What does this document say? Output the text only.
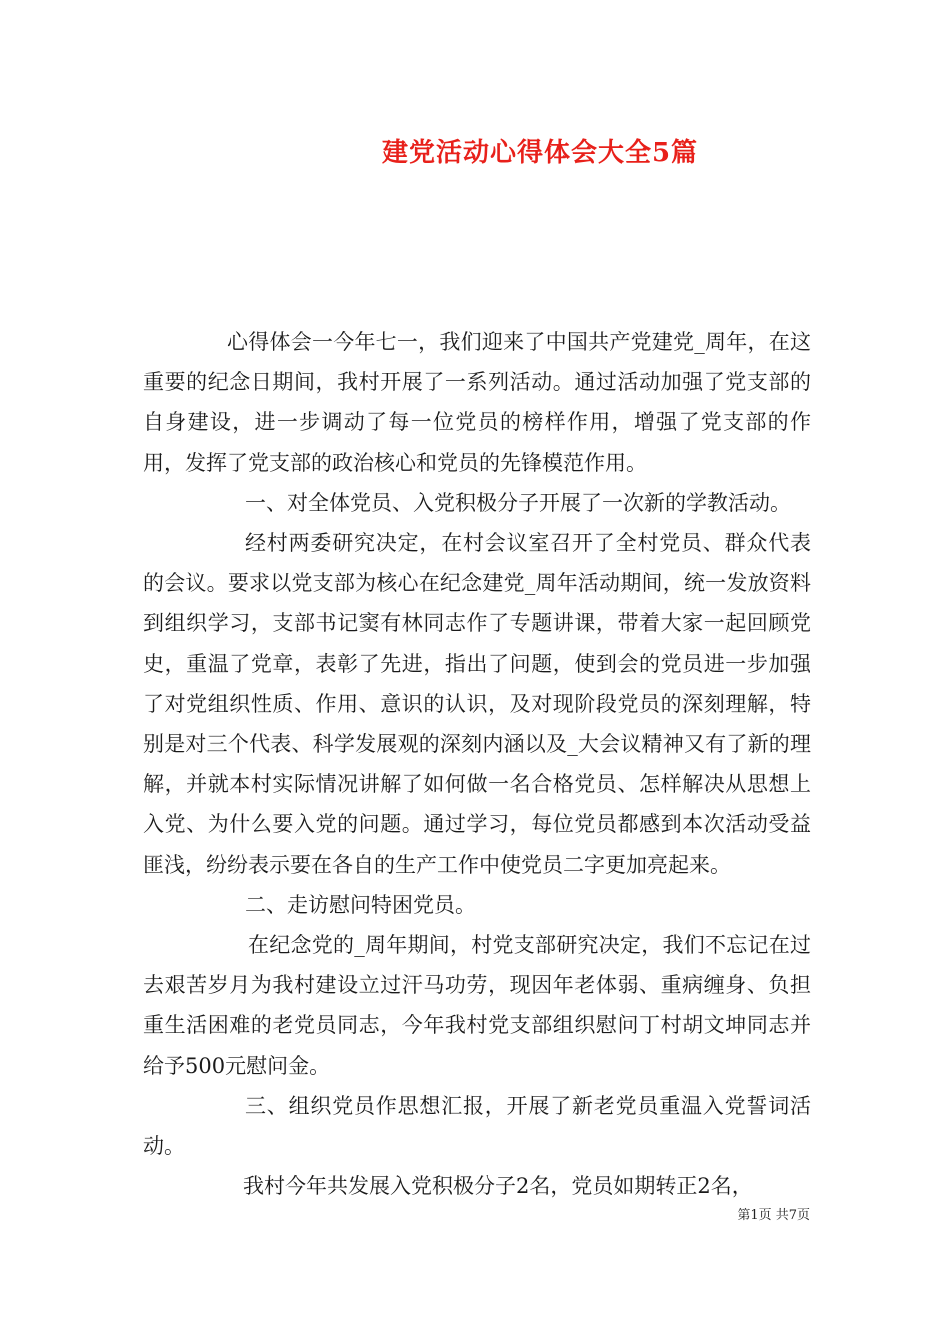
建党活动心得体会大全5篇

心得体会一今年七一，我们迎来了中国共产党建党_周年，在这重要的纪念日期间，我村开展了一系列活动。通过活动加强了党支部的自身建设，进一步调动了每一位党员的榜样作用，增强了党支部的作用，发挥了党支部的政治核心和党员的先锋模范作用。

一、对全体党员、入党积极分子开展了一次新的学教活动。

经村两委研究决定，在村会议室召开了全村党员、群众代表的会议。要求以党支部为核心在纪念建党_周年活动期间，统一发放资料到组织学习，支部书记窦有林同志作了专题讲课，带着大家一起回顾党史，重温了党章，表彰了先进，指出了问题，使到会的党员进一步加强了对党组织性质、作用、意识的认识，及对现阶段党员的深刻理解，特别是对三个代表、科学发展观的深刻内涵以及_大会议精神又有了新的理解，并就本村实际情况讲解了如何做一名合格党员、怎样解决从思想上入党、为什么要入党的问题。通过学习，每位党员都感到本次活动受益匪浅，纷纷表示要在各自的生产工作中使党员二字更加亮起来。

二、走访慰问特困党员。

在纪念党的_周年期间，村党支部研究决定，我们不忘记在过去艰苦岁月为我村建设立过汗马功劳，现因年老体弱、重病缠身、负担重生活困难的老党员同志，今年我村党支部组织慰问丁村胡文坤同志并给予500元慰问金。

三、组织党员作思想汇报，开展了新老党员重温入党誓词活动。

我村今年共发展入党积极分子2名，党员如期转正2名，

第1页 共7页
